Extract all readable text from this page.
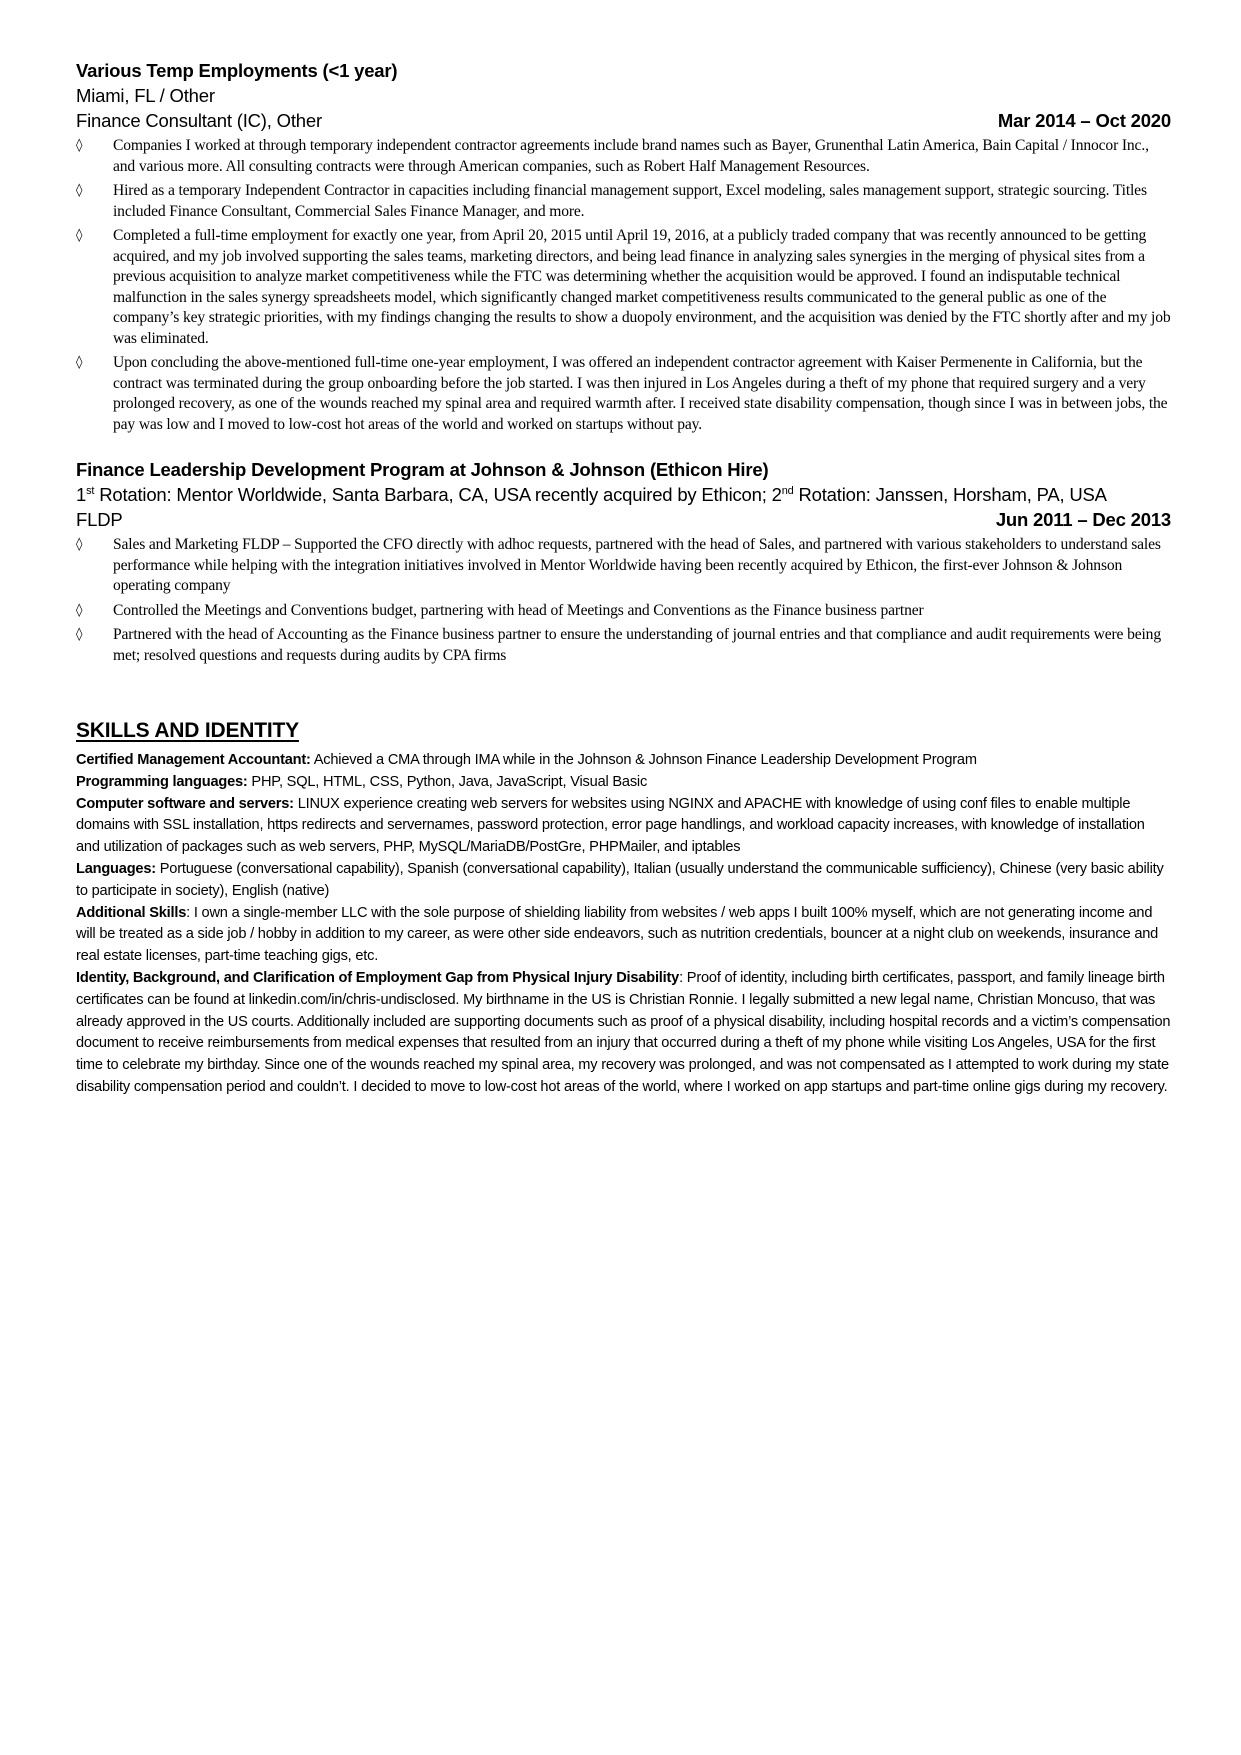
Various Temp Employments (<1 year)

Miami, FL / Other

Finance Consultant (IC), Other	Mar 2014 – Oct 2020

◊ Companies I worked at through temporary independent contractor agreements include brand names such as Bayer, Grunenthal Latin America, Bain Capital / Innocor Inc., and various more. All consulting contracts were through American companies, such as Robert Half Management Resources.
◊ Hired as a temporary Independent Contractor in capacities including financial management support, Excel modeling, sales management support, strategic sourcing. Titles included Finance Consultant, Commercial Sales Finance Manager, and more.
◊ Completed a full-time employment for exactly one year, from April 20, 2015 until April 19, 2016, at a publicly traded company that was recently announced to be getting acquired, and my job involved supporting the sales teams, marketing directors, and being lead finance in analyzing sales synergies in the merging of physical sites from a previous acquisition to analyze market competitiveness while the FTC was determining whether the acquisition would be approved. I found an indisputable technical malfunction in the sales synergy spreadsheets model, which significantly changed market competitiveness results communicated to the general public as one of the company’s key strategic priorities, with my findings changing the results to show a duopoly environment, and the acquisition was denied by the FTC shortly after and my job was eliminated.
◊ Upon concluding the above-mentioned full-time one-year employment, I was offered an independent contractor agreement with Kaiser Permenente in California, but the contract was terminated during the group onboarding before the job started. I was then injured in Los Angeles during a theft of my phone that required surgery and a very prolonged recovery, as one of the wounds reached my spinal area and required warmth after. I received state disability compensation, though since I was in between jobs, the pay was low and I moved to low-cost hot areas of the world and worked on startups without pay.

Finance Leadership Development Program at Johnson & Johnson (Ethicon Hire)

1st Rotation: Mentor Worldwide, Santa Barbara, CA, USA recently acquired by Ethicon; 2nd Rotation: Janssen, Horsham, PA, USA

FLDP	Jun 2011 – Dec 2013

◊ Sales and Marketing FLDP – Supported the CFO directly with adhoc requests, partnered with the head of Sales, and partnered with various stakeholders to understand sales performance while helping with the integration initiatives involved in Mentor Worldwide having been recently acquired by Ethicon, the first-ever Johnson & Johnson operating company
◊ Controlled the Meetings and Conventions budget, partnering with head of Meetings and Conventions as the Finance business partner
◊ Partnered with the head of Accounting as the Finance business partner to ensure the understanding of journal entries and that compliance and audit requirements were being met; resolved questions and requests during audits by CPA firms
SKILLS AND IDENTITY

Certified Management Accountant: Achieved a CMA through IMA while in the Johnson & Johnson Finance Leadership Development Program

Programming languages: PHP, SQL, HTML, CSS, Python, Java, JavaScript, Visual Basic

Computer software and servers: LINUX experience creating web servers for websites using NGINX and APACHE with knowledge of using conf files to enable multiple domains with SSL installation, https redirects and servernames, password protection, error page handlings, and workload capacity increases, with knowledge of installation and utilization of packages such as web servers, PHP, MySQL/MariaDB/PostGre, PHPMailer, and iptables

Languages: Portuguese (conversational capability), Spanish (conversational capability), Italian (usually understand the communicable sufficiency), Chinese (very basic ability to participate in society), English (native)

Additional Skills: I own a single-member LLC with the sole purpose of shielding liability from websites / web apps I built 100% myself, which are not generating income and will be treated as a side job / hobby in addition to my career, as were other side endeavors, such as nutrition credentials, bouncer at a night club on weekends, insurance and real estate licenses, part-time teaching gigs, etc.

Identity, Background, and Clarification of Employment Gap from Physical Injury Disability: Proof of identity, including birth certificates, passport, and family lineage birth certificates can be found at linkedin.com/in/chris-undisclosed. My birthname in the US is Christian Ronnie. I legally submitted a new legal name, Christian Moncuso, that was already approved in the US courts. Additionally included are supporting documents such as proof of a physical disability, including hospital records and a victim’s compensation document to receive reimbursements from medical expenses that resulted from an injury that occurred during a theft of my phone while visiting Los Angeles, USA for the first time to celebrate my birthday. Since one of the wounds reached my spinal area, my recovery was prolonged, and was not compensated as I attempted to work during my state disability compensation period and couldn’t. I decided to move to low-cost hot areas of the world, where I worked on app startups and part-time online gigs during my recovery.
